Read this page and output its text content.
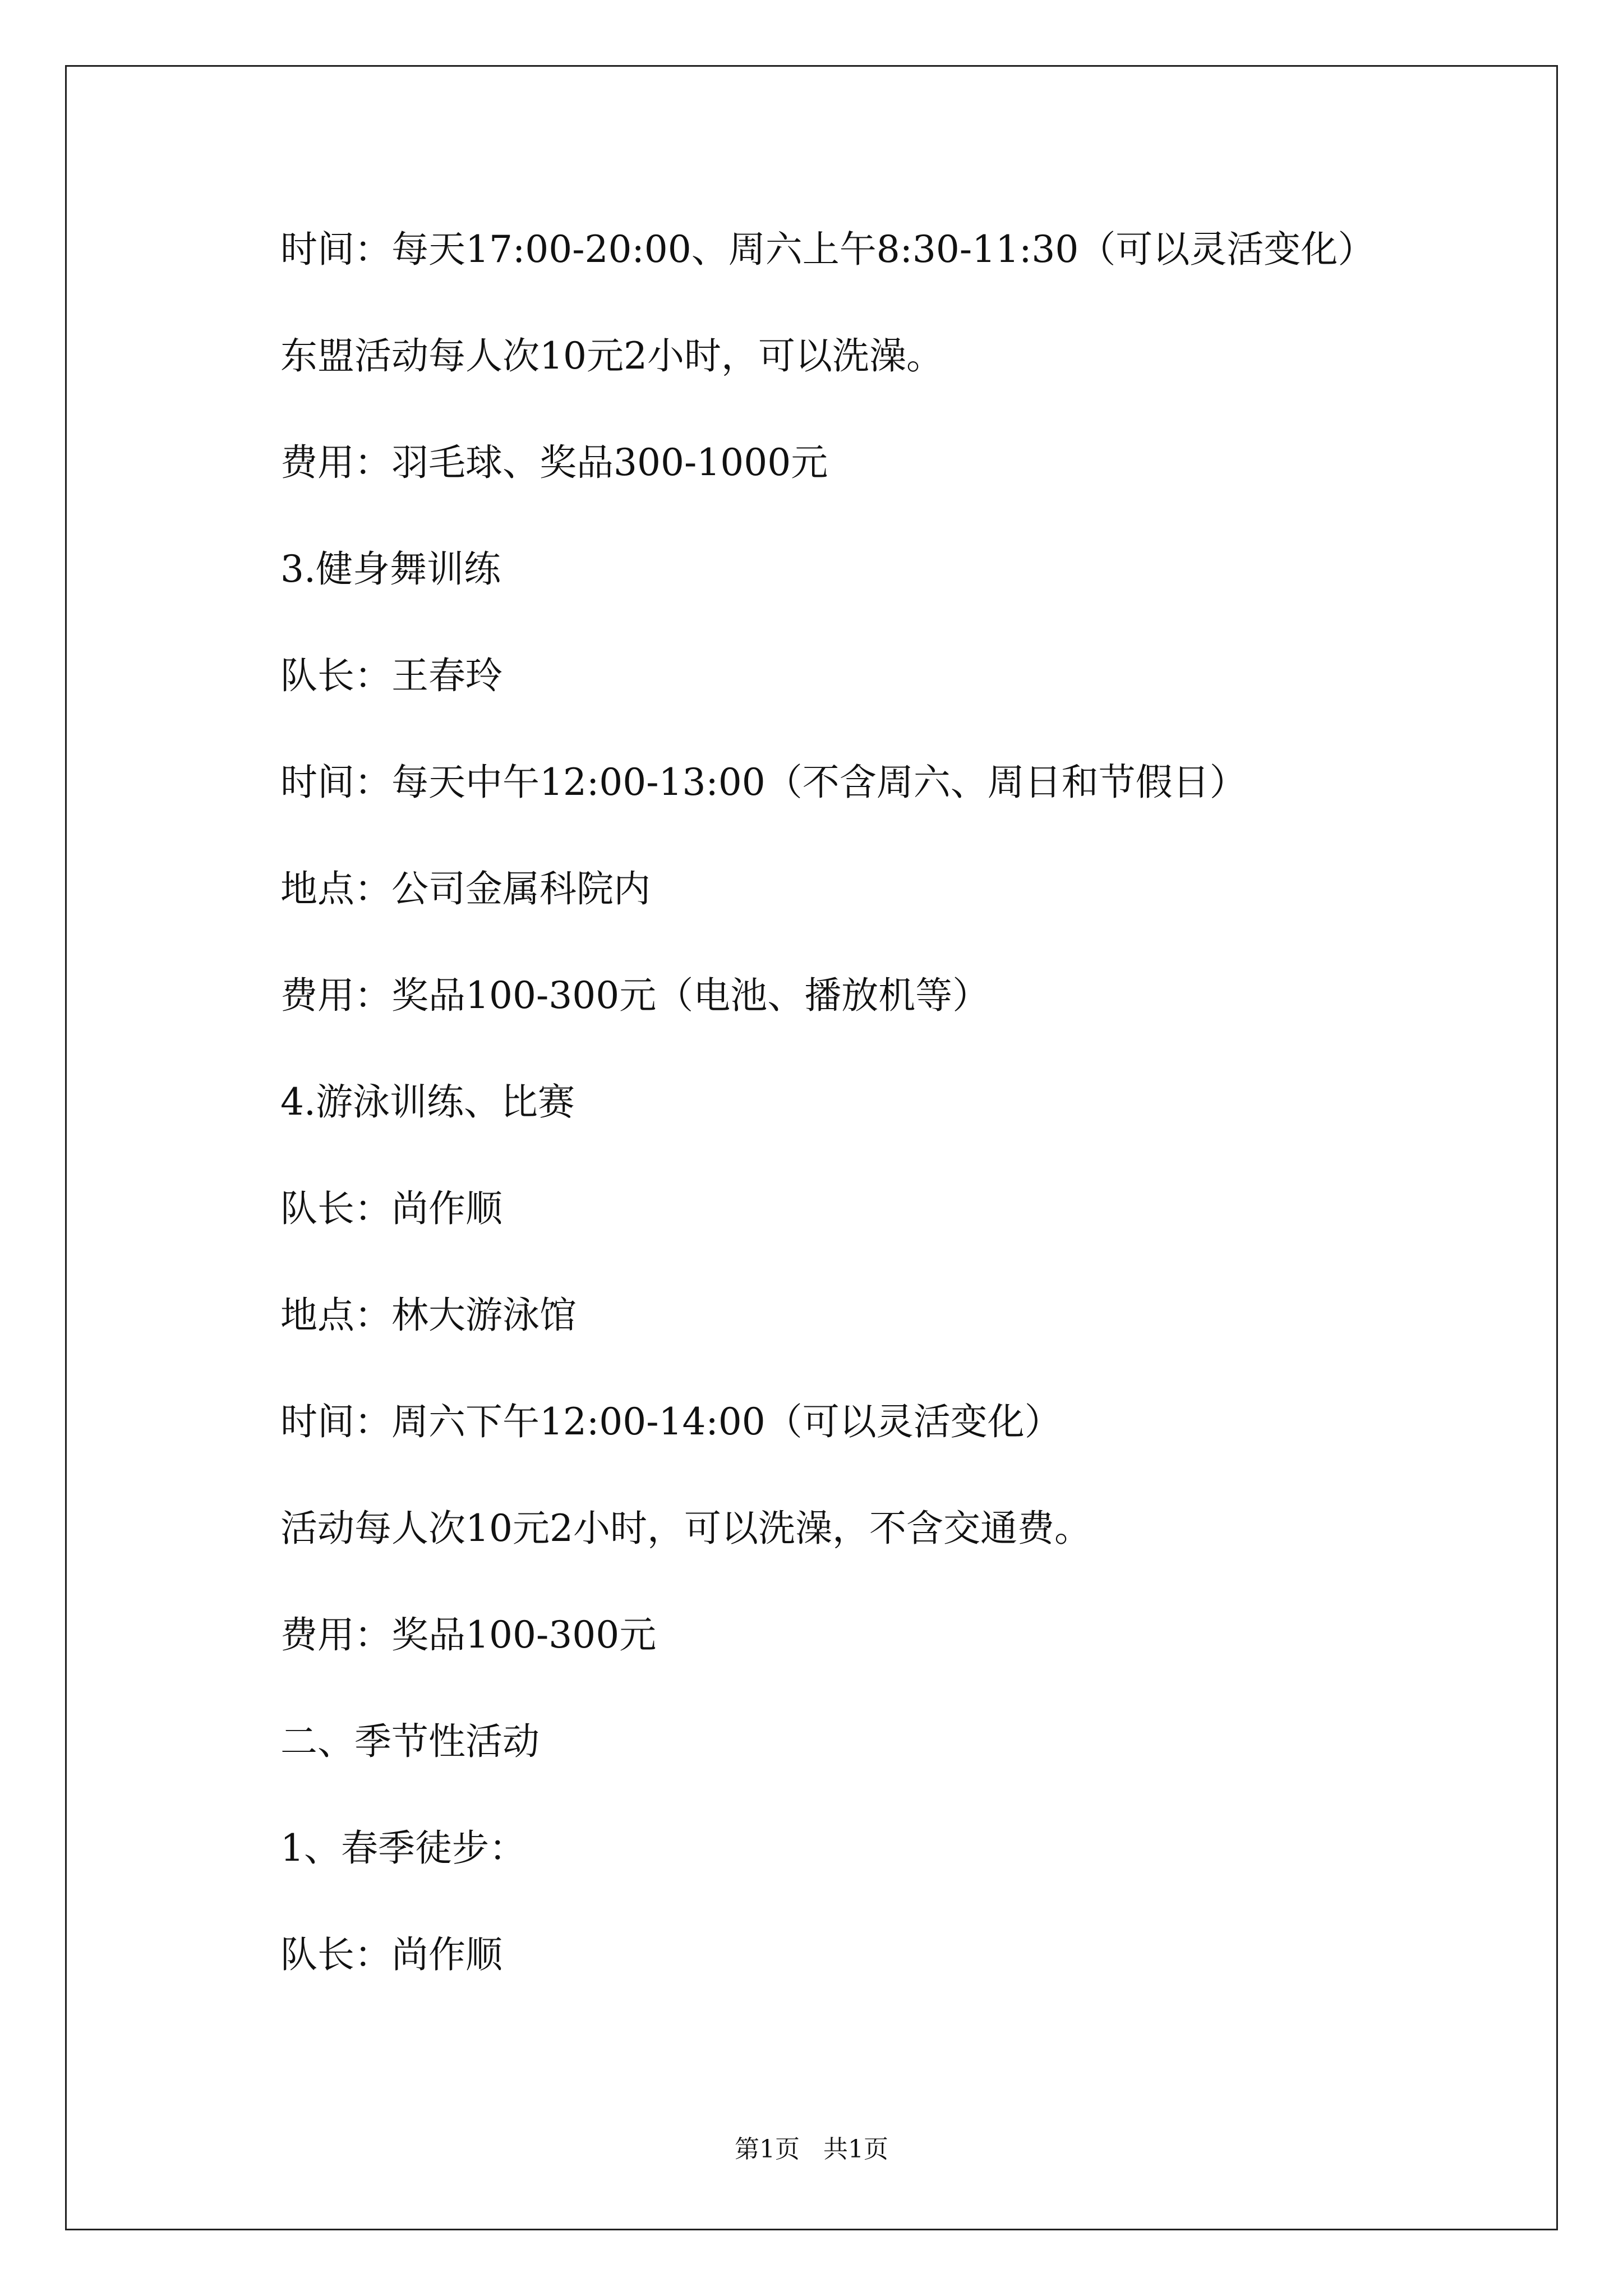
时间：每天17:00-20:00、周六上午8:30-11:30（可以灵活变化）
东盟活动每人次10元2小时，可以洗澡。
费用：羽毛球、奖品300-1000元
3.健身舞训练
队长：王春玲
时间：每天中午12:00-13:00（不含周六、周日和节假日）
地点：公司金属科院内
费用：奖品100-300元（电池、播放机等）
4.游泳训练、比赛
队长：尚作顺
地点：林大游泳馆
时间：周六下午12:00-14:00（可以灵活变化）
活动每人次10元2小时，可以洗澡，不含交通费。
费用：奖品100-300元
二、季节性活动
1、春季徒步：
队长：尚作顺
第1页   共1页
